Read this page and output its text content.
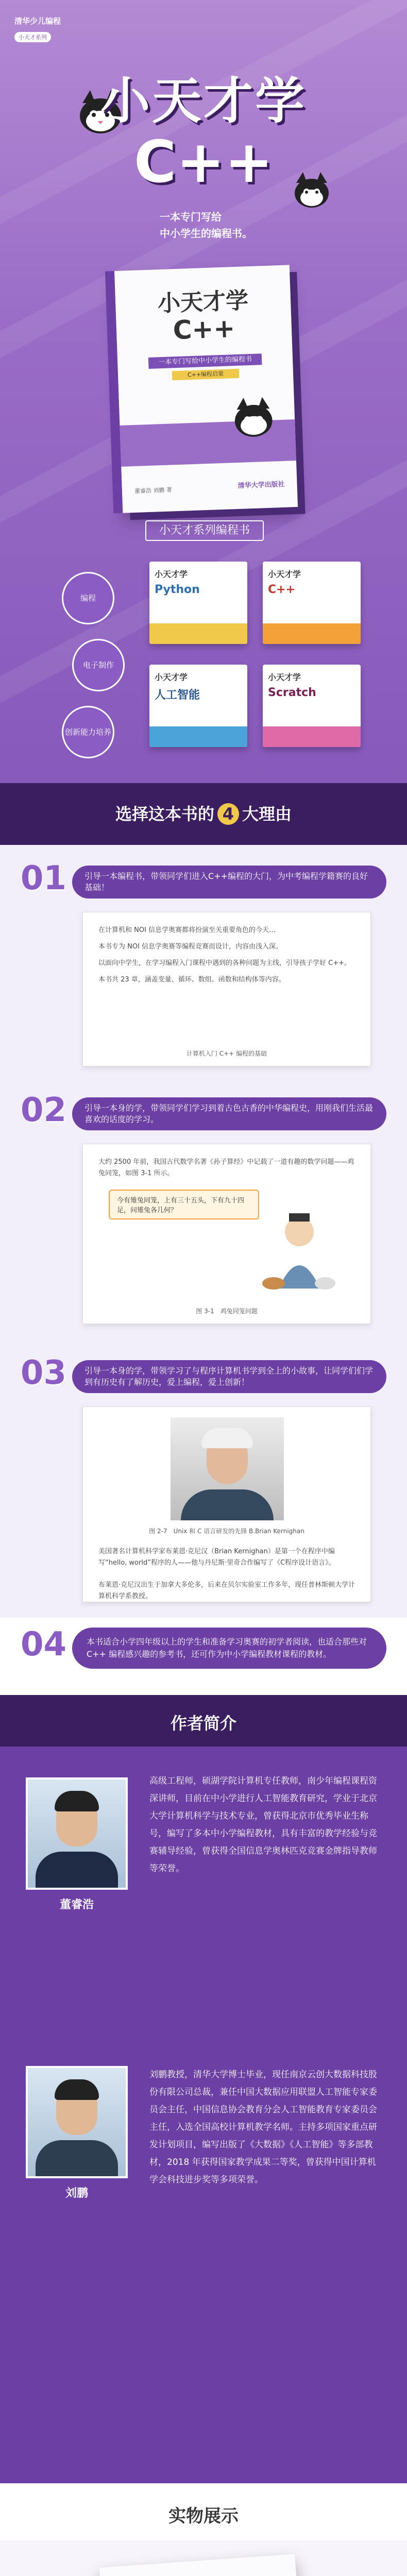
清华少儿编程
小天才系列
小天才学
C++
一本专门写给
中小学生的编程书。
小天才学
C++
一本专门写给中小学生的编程书
C++编程启蒙
董睿浩 刘鹏 著
清华大学出版社
小天才系列编程书
编程
电子制作
创新能力培养
小天才学
Python
小天才学
C++
小天才学
人工智能
小天才学
Scratch
选择这本书的 4 大理由
01	引导一本编程书，带领同学们进入C++编程的大门，为中考编程学籍赛的良好基础！

在计算机和 NOI 信息学奥赛都将扮演至关重要角色的今天…

本书专为 NOI 信息学奥赛等编程竞赛而设计，内容由浅入深。

以面向中学生，在学习编程入门课程中遇到的各种问题为主线，引导孩子学好 C++。

本书共 23 章，涵盖变量、循环、数组、函数和结构体等内容。

计算机入门 C++ 编程的基础
02	引导一本身的学，带领同学们学习到着古色古香的中华编程史，用刚我们生活最喜欢的话度的学习。

大约 2500 年前，我国古代数学名著《孙子算经》中记载了一道有趣的数学问题——鸡兔同笼，如图 3-1 所示。

今有雉兔同笼，上有三十五头，下有九十四足，问雉兔各几何？
图 3-1　鸡兔同笼问题
03	引导一本身的学，带领学习了与程序计算机书学到全上的小故事，让同学们们学到有历史有了解历史，爱上编程，爱上创新！
图 2-7　Unix 和 C 语言研发的先锋 B.Brian Kernighan

美国著名计算机科学家布莱恩·克尼汉（Brian Kernighan）是第一个在程序中编写“hello, world”程序的人——他与丹尼斯·里奇合作编写了《C程序设计语言》。

布莱恩·克尼汉出生于加拿大多伦多，后来在贝尔实验室工作多年，现任普林斯顿大学计算机科学系教授。

04	本书适合小学四年级以上的学生和准备学习奥赛的初学者阅读，也适合那些对 C++ 编程感兴趣的参考书，还可作为中小学编程教材课程的教材。
作者简介
董睿浩
高级工程师，硕湖学院计算机专任教师，南少年编程课程资深讲师，目前在中小学进行人工智能教育研究，学业于北京大学计算机科学与技术专业，曾获得北京市优秀毕业生称号，编写了多本中小学编程教材，具有丰富的教学经验与竞赛辅导经验，曾获得全国信息学奥林匹克竞赛金牌指导教师等荣誉。
刘鹏
刘鹏教授，清华大学博士毕业，现任南京云创大数据科技股份有限公司总裁，兼任中国大数据应用联盟人工智能专家委员会主任，中国信息协会教育分会人工智能教育专家委员会主任，入选全国高校计算机教学名师。主持多项国家重点研发计划项目，编写出版了《大数据》《人工智能》等多部教材，2018 年获得国家教学成果二等奖，曾获得中国计算机学会科技进步奖等多项荣誉。
实物展示
